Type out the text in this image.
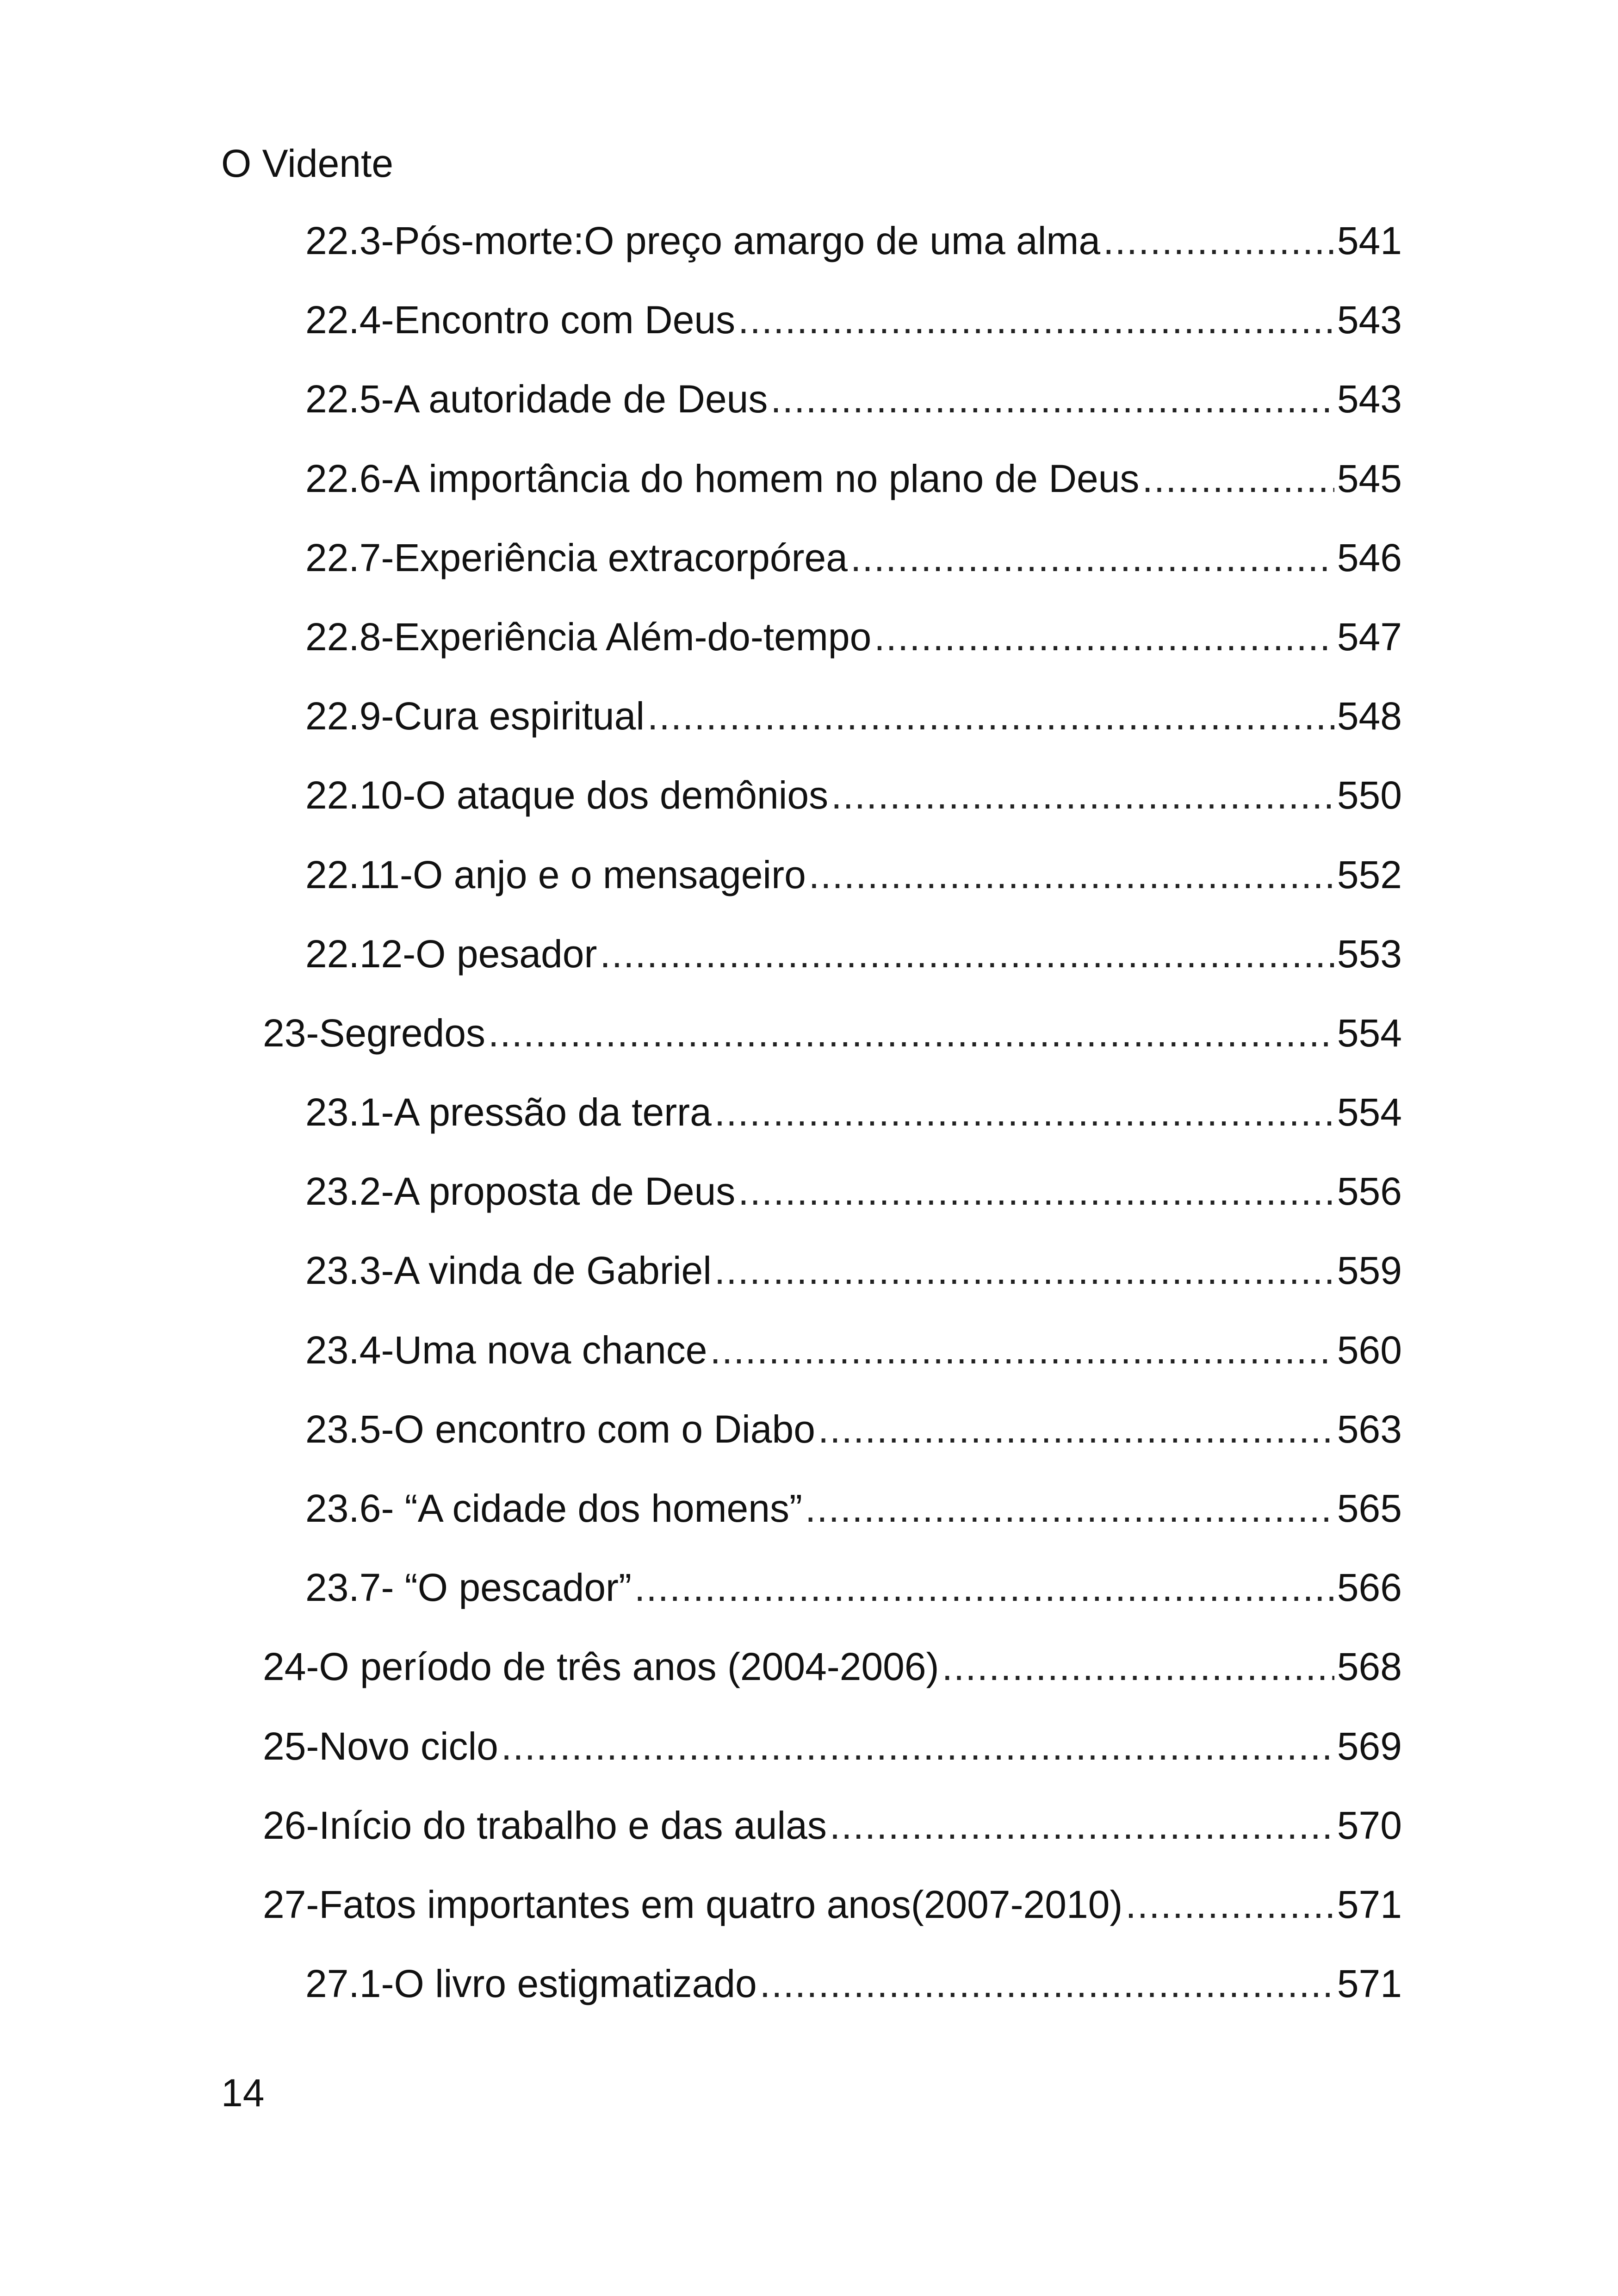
O Vidente
22.3-Pós-morte:O preço amargo de uma alma .....	541
22.4-Encontro com Deus .....	543
22.5-A autoridade de Deus .....	543
22.6-A importância do homem no plano de Deus .....	545
22.7-Experiência extracorpórea .....	546
22.8-Experiência Além-do-tempo .....	547
22.9-Cura espiritual .....	548
22.10-O ataque dos demônios .....	550
22.11-O anjo e o mensageiro .....	552
22.12-O pesador .....	553
23-Segredos .....	554
23.1-A pressão da terra .....	554
23.2-A proposta de Deus .....	556
23.3-A vinda de Gabriel .....	559
23.4-Uma nova chance .....	560
23.5-O encontro com o Diabo .....	563
23.6- “A cidade dos homens” .....	565
23.7- “O pescador” .....	566
24-O período de três anos (2004-2006) .....	568
25-Novo ciclo .....	569
26-Início do trabalho e das aulas .....	570
27-Fatos importantes em quatro anos(2007-2010) .....	571
27.1-O livro estigmatizado .....	571
14
